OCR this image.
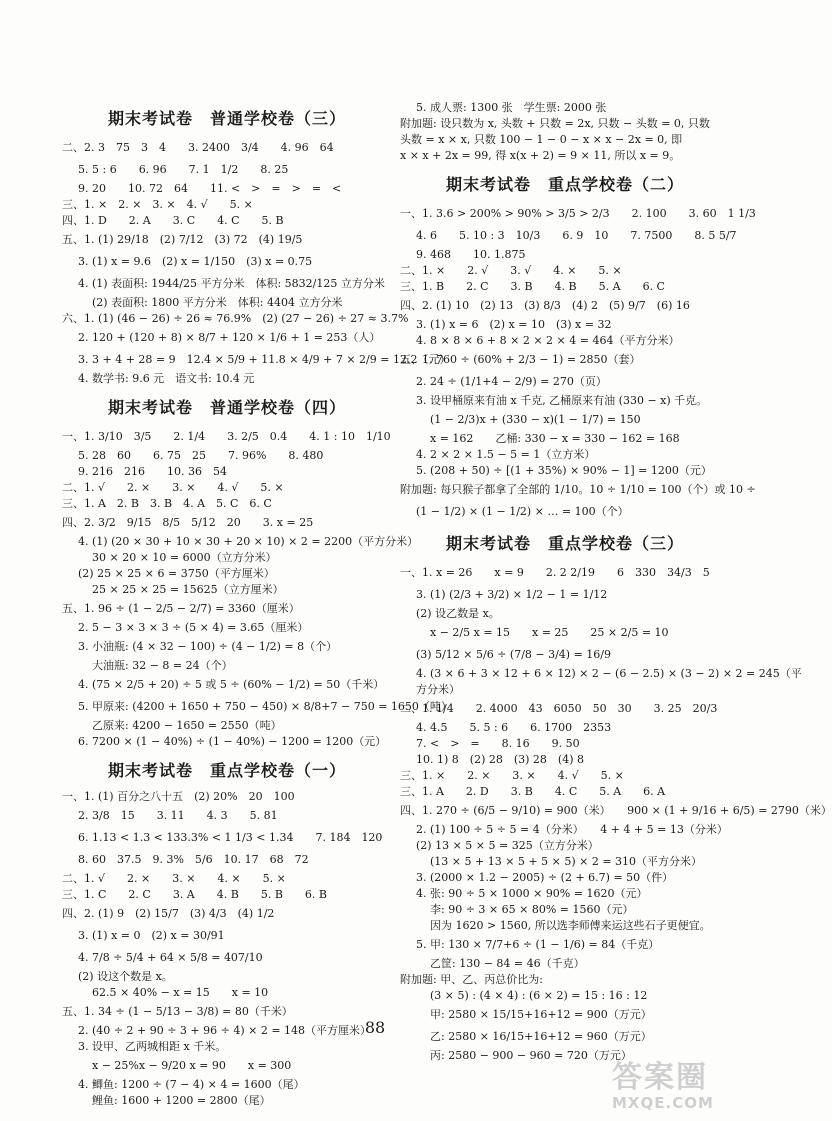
期末考试卷　普通学校卷（三）
二、2. 3　75　3　4　　3. 2400　3/4　　4. 96　64
5. 5 : 6　　6. 96　　7. 1　1/2　　8. 25
9. 20　　10. 72　64　　11. <　>　=　>　=　<
三、1. ×　2. ×　3. ×　4. √　　5. ×
四、1. D　　2. A　　3. C　　4. C　　5. B
五、1. (1) 29/18　(2) 7/12　(3) 72　(4) 19/5
3. (1) x = 9.6　(2) x = 1/150　(3) x = 0.75
4. (1) 表面积: 1944/25 平方分米　体积: 5832/125 立方分米
(2) 表面积: 1800 平方分米　体积: 4404 立方分米
六、1. (1) (46 − 26) ÷ 26 ≈ 76.9%　(2) (27 − 26) ÷ 27 ≈ 3.7%
2. 120 + (120 + 8) × 8/7 + 120 × 1/6 + 1 = 253（人）
3. 3 + 4 + 28 = 9　12.4 × 5/9 + 11.8 × 4/9 + 7 × 2/9 = 12.2（元）
4. 数学书: 9.6 元　语文书: 10.4 元
期末考试卷　普通学校卷（四）
一、1. 3/10　3/5　　2. 1/4　　3. 2/5　0.4　　4. 1 : 10　1/10
5. 28　60　　6. 75　25　　7. 96%　　8. 480
9. 216　216　　10. 36　54
二、1. √　　2. ×　　3. ×　　4. √　　5. ×
三、1. A　2. B　3. B　4. A　5. C　6. C
四、2. 3/2　9/15　8/5　5/12　20　　3. x = 25
4. (1) (20 × 30 + 10 × 30 + 20 × 10) × 2 = 2200（平方分米）
30 × 20 × 10 = 6000（立方分米）
(2) 25 × 25 × 6 = 3750（平方厘米）
25 × 25 × 25 = 15625（立方厘米）
五、1. 96 ÷ (1 − 2/5 − 2/7) = 3360（厘米）
2. 5 − 3 × 3 × 3 ÷ (5 × 4) = 3.65（厘米）
3. 小油瓶: (4 × 32 − 100) ÷ (4 − 1/2) = 8（个）
大油瓶: 32 − 8 = 24（个）
4. (75 × 2/5 + 20) ÷ 5 或 5 ÷ (60% − 1/2) = 50（千米）
5. 甲原来: (4200 + 1650 + 750 − 450) × 8/8+7 − 750 = 1650（吨）
乙原来: 4200 − 1650 = 2550（吨）
6. 7200 × (1 − 40%) ÷ (1 − 40%) − 1200 = 1200（元）
期末考试卷　重点学校卷（一）
一、1. (1) 百分之八十五　(2) 20%　20　100
2. 3/8　15　　3. 11　　4. 3　　5. 81
6. 1.13 < 1.3 < 133.3% < 1 1/3 < 1.34　　7. 184　120
8. 60　37.5　9. 3%　5/6　10. 17　68　72
二、1. √　　2. ×　　3. ×　　4. ×　　5. ×
三、1. C　　2. C　　3. A　　4. B　　5. B　　6. B
四、2. (1) 9　(2) 15/7　(3) 4/3　(4) 1/2
3. (1) x = 0　(2) x = 30/91
4. 7/8 ÷ 5/4 + 64 × 5/8 = 407/10
(2) 设这个数是 x。
62.5 × 40% − x = 15　　x = 10
五、1. 34 ÷ (1 − 5/13 − 3/8) = 80（千米）
2. (40 ÷ 2 + 90 ÷ 3 + 96 ÷ 4) × 2 = 148（平方厘米）
3. 设甲、乙两城相距 x 千米。
x − 25%x − 9/20 x = 90　　x = 300
4. 鲫鱼: 1200 ÷ (7 − 4) × 4 = 1600（尾）
鲤鱼: 1600 + 1200 = 2800（尾）
5. 成人票: 1300 张　学生票: 2000 张
附加题: 设只数为 x, 头数 + 只数 = 2x, 只数 − 头数 = 0, 只数
头数 = x × x, 只数 100 − 1 − 0 − x × x − 2x = 0, 即
x × x + 2x = 99, 得 x(x + 2) = 9 × 11, 所以 x = 9。
期末考试卷　重点学校卷（二）
一、1. 3.6 > 200% > 90% > 3/5 > 2/3　　2. 100　　3. 60　1 1/3
4. 6　　5. 10 : 3　10/3　　6. 9　10　　7. 7500　　8. 5 5/7
9. 468　　10. 1.875
二、1. ×　　2. √　　3. √　　4. ×　　5. ×
三、1. B　　2. C　　3. B　　4. B　　5. A　　6. C
四、2. (1) 10　(2) 13　(3) 8/3　(4) 2　(5) 9/7　(6) 16
3. (1) x = 6　(2) x = 10　(3) x = 32
4. 8 × 8 × 6 + 8 × 2 × 2 × 4 = 464（平方分米）
五、1. 760 ÷ (60% + 2/3 − 1) = 2850（套）
2. 24 ÷ (1/1+4 − 2/9) = 270（页）
3. 设甲桶原来有油 x 千克, 乙桶原来有油 (330 − x) 千克。
(1 − 2/3)x + (330 − x)(1 − 1/7) = 150
x = 162　　乙桶: 330 − x = 330 − 162 = 168
4. 2 × 2 × 1.5 − 5 = 1（立方米）
5. (208 + 50) ÷ [(1 + 35%) × 90% − 1] = 1200（元）
附加题: 每只猴子都拿了全部的 1/10。10 ÷ 1/10 = 100（个）或 10 ÷
(1 − 1/2) × (1 − 1/2) × … = 100（个）
期末考试卷　重点学校卷（三）
一、1. x = 26　　x = 9　　2. 2 2/19　　6　330　34/3　5
3. (1) (2/3 + 3/2) × 1/2 − 1 = 1/12
(2) 设乙数是 x。
x − 2/5 x = 15　　x = 25　　25 × 2/5 = 10
(3) 5/12 × 5/6 ÷ (7/8 − 3/4) = 16/9
4. (3 × 6 + 3 × 12 + 6 × 12) × 2 − (6 − 2.5) × (3 − 2) × 2 = 245（平
方分米）
二、1. 1/4　　2. 4000　43　6050　50　30　　3. 25　20/3
4. 4.5　　5. 5 : 6　　6. 1700　2353
7. <　>　=　　8. 16　　9. 50
10. 1) 8　(2) 28　(3) 28　(4) 8
三、1. ×　　2. ×　　3. ×　　4. √　　5. ×
三、1. A　　2. D　　3. B　　4. C　　5. A　　6. A
四、1. 270 ÷ (6/5 − 9/10) = 900（米）　　900 × (1 + 9/16 + 6/5) = 2790（米）
2. (1) 100 ÷ 5 ÷ 5 = 4（分米）　　4 + 4 + 5 = 13（分米）
(2) 13 × 5 × 5 = 325（立方分米）
(13 × 5 + 13 × 5 + 5 × 5) × 2 = 310（平方分米）
3. (2000 × 1.2 − 2005) ÷ (2 + 6.7) = 50（件）
4. 张: 90 ÷ 5 × 1000 × 90% = 1620（元）
李: 90 ÷ 3 × 65 × 80% = 1560（元）
因为 1620 > 1560, 所以选李师傅来运这些石子更便宜。
5. 甲: 130 × 7/7+6 ÷ (1 − 1/6) = 84（千克）
乙筐: 130 − 84 = 46（千克）
附加题: 甲、乙、丙总价比为:
(3 × 5) : (4 × 4) : (6 × 2) = 15 : 16 : 12
甲: 2580 × 15/15+16+12 = 900（万元）
乙: 2580 × 16/15+16+12 = 960（万元）
丙: 2580 − 900 − 960 = 720（万元）
88
答案圈
MXQE.COM
